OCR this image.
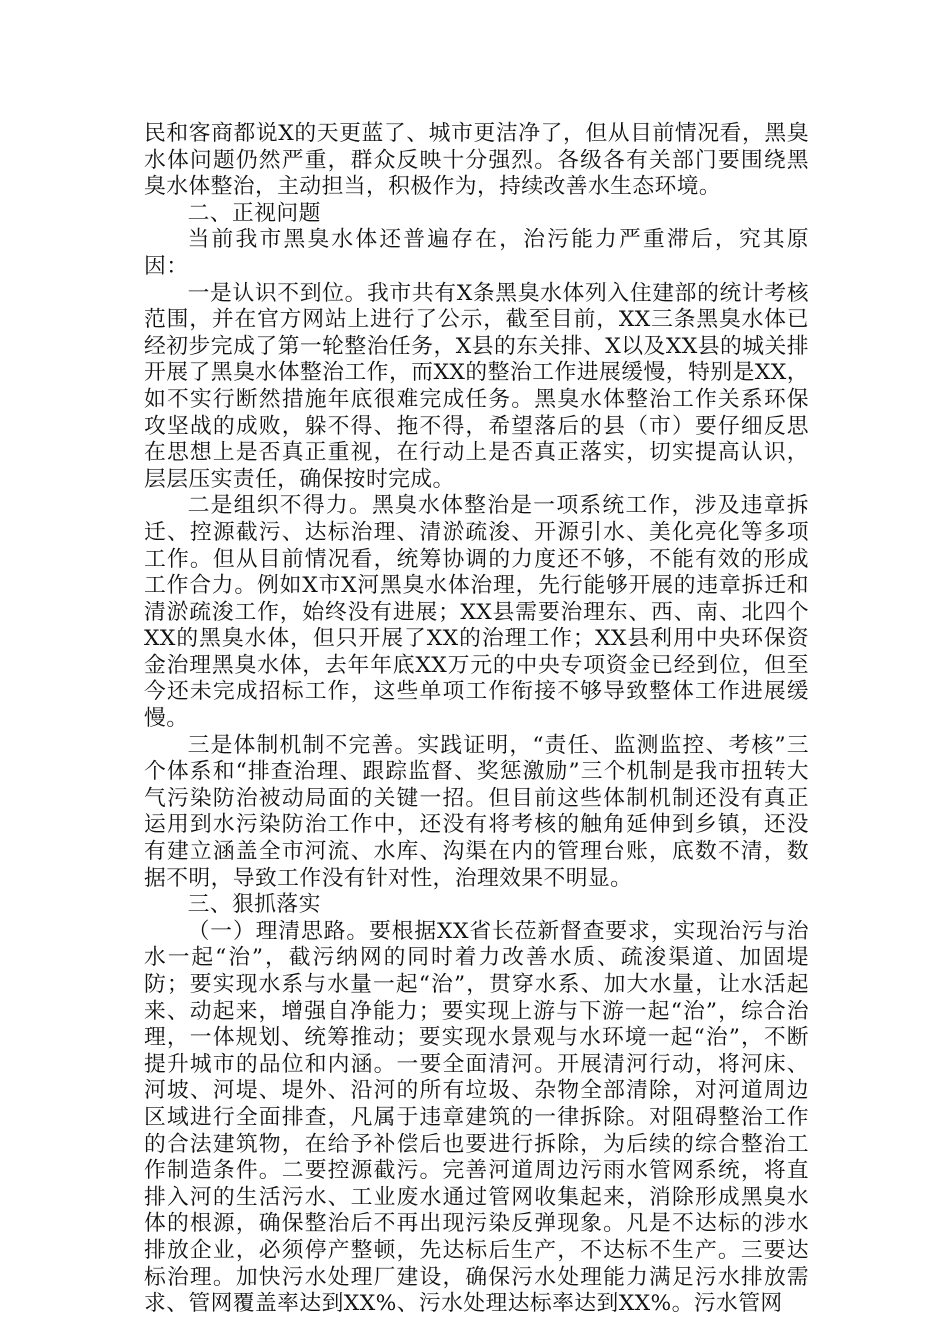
民和客商都说X的天更蓝了、城市更洁净了，但从目前情况看，黑臭水体问题仍然严重，群众反映十分强烈。各级各有关部门要围绕黑臭水体整治，主动担当，积极作为，持续改善水生态环境。

二、正视问题

当前我市黑臭水体还普遍存在，治污能力严重滞后，究其原因：

一是认识不到位。我市共有X条黑臭水体列入住建部的统计考核范围，并在官方网站上进行了公示，截至目前，XX三条黑臭水体已经初步完成了第一轮整治任务，X县的东关排、X以及XX县的城关排开展了黑臭水体整治工作，而XX的整治工作进展缓慢，特别是XX，如不实行断然措施年底很难完成任务。黑臭水体整治工作关系环保攻坚战的成败，躲不得、拖不得，希望落后的县（市）要仔细反思在思想上是否真正重视，在行动上是否真正落实，切实提高认识，层层压实责任，确保按时完成。

二是组织不得力。黑臭水体整治是一项系统工作，涉及违章拆迁、控源截污、达标治理、清淤疏浚、开源引水、美化亮化等多项工作。但从目前情况看，统筹协调的力度还不够，不能有效的形成工作合力。例如X市X河黑臭水体治理，先行能够开展的违章拆迁和清淤疏浚工作，始终没有进展；XX县需要治理东、西、南、北四个XX的黑臭水体，但只开展了XX的治理工作；XX县利用中央环保资金治理黑臭水体，去年年底XX万元的中央专项资金已经到位，但至今还未完成招标工作，这些单项工作衔接不够导致整体工作进展缓慢。

三是体制机制不完善。实践证明，“责任、监测监控、考核”三个体系和“排查治理、跟踪监督、奖惩激励”三个机制是我市扭转大气污染防治被动局面的关键一招。但目前这些体制机制还没有真正运用到水污染防治工作中，还没有将考核的触角延伸到乡镇，还没有建立涵盖全市河流、水库、沟渠在内的管理台账，底数不清，数据不明，导致工作没有针对性，治理效果不明显。

三、狠抓落实

（一）理清思路。要根据XX省长莅新督查要求，实现治污与治水一起“治”，截污纳网的同时着力改善水质、疏浚渠道、加固堤防；要实现水系与水量一起“治”，贯穿水系、加大水量，让水活起来、动起来，增强自净能力；要实现上游与下游一起“治”，综合治理，一体规划、统筹推动；要实现水景观与水环境一起“治”，不断提升城市的品位和内涵。一要全面清河。开展清河行动，将河床、河坡、河堤、堤外、沿河的所有垃圾、杂物全部清除，对河道周边区域进行全面排查，凡属于违章建筑的一律拆除。对阻碍整治工作的合法建筑物，在给予补偿后也要进行拆除，为后续的综合整治工作制造条件。二要控源截污。完善河道周边污雨水管网系统，将直排入河的生活污水、工业废水通过管网收集起来，消除形成黑臭水体的根源，确保整治后不再出现污染反弹现象。凡是不达标的涉水排放企业，必须停产整顿，先达标后生产，不达标不生产。三要达标治理。加快污水处理厂建设，确保污水处理能力满足污水排放需求、管网覆盖率达到XX%、污水处理达标率达到XX%。污水管网
